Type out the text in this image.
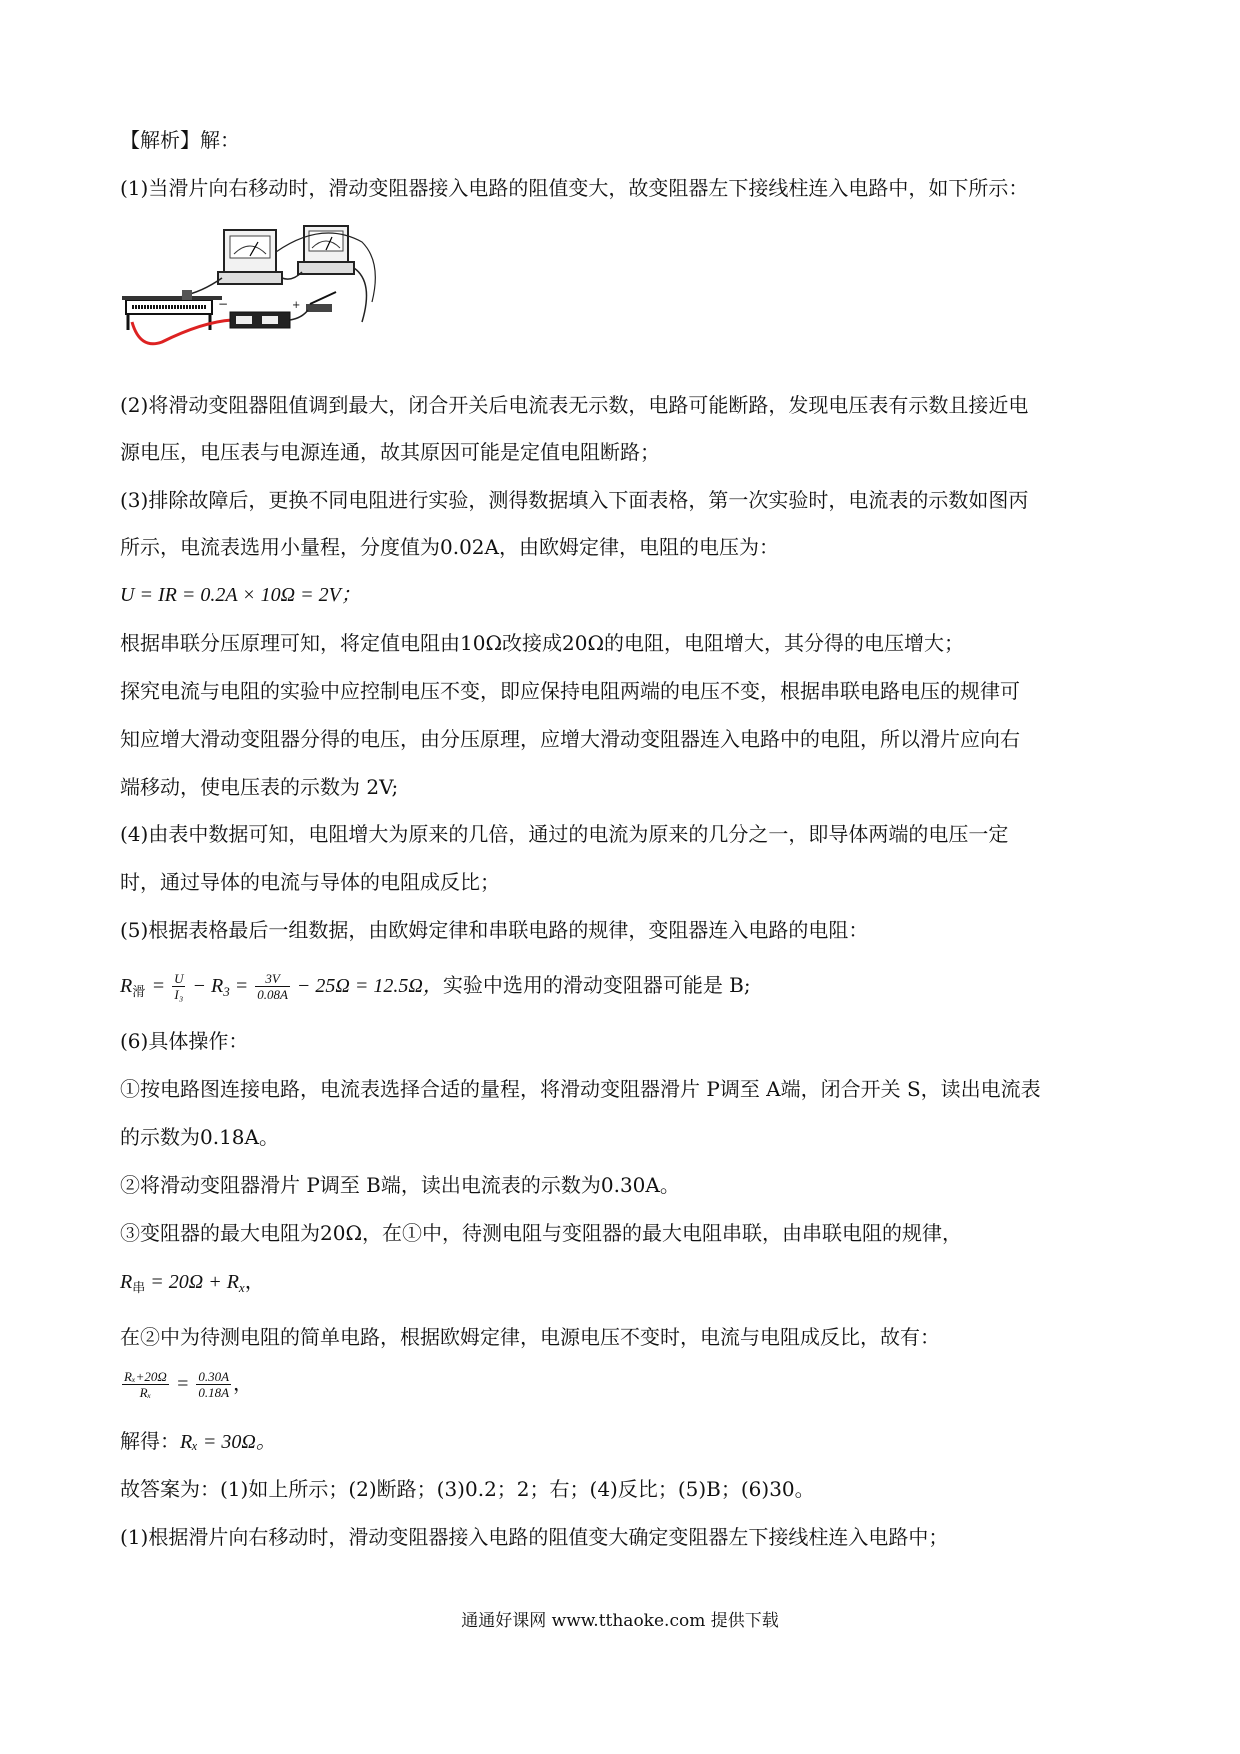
【解析】解：
(1)当滑片向右移动时，滑动变阻器接入电路的阻值变大，故变阻器左下接线柱连入电路中，如下所示：
−	+
(2)将滑动变阻器阻值调到最大，闭合开关后电流表无示数，电路可能断路，发现电压表有示数且接近电
源电压，电压表与电源连通，故其原因可能是定值电阻断路；
(3)排除故障后，更换不同电阻进行实验，测得数据填入下面表格，第一次实验时，电流表的示数如图丙
所示，电流表选用小量程，分度值为0.02A，由欧姆定律，电阻的电压为：
U = IR = 0.2A × 10Ω = 2V；
根据串联分压原理可知，将定值电阻由10Ω改接成20Ω的电阻，电阻增大，其分得的电压增大；
探究电流与电阻的实验中应控制电压不变，即应保持电阻两端的电压不变，根据串联电路电压的规律可
知应增大滑动变阻器分得的电压，由分压原理，应增大滑动变阻器连入电路中的电阻，所以滑片应向右
端移动，使电压表的示数为 2V;
(4)由表中数据可知，电阻增大为原来的几倍，通过的电流为原来的几分之一，即导体两端的电压一定
时，通过导体的电流与导体的电阻成反比；
(5)根据表格最后一组数据，由欧姆定律和串联电路的规律，变阻器连入电路的电阻：
$R_滑 = \frac{U}{\text{I₃}} - R_3 = \frac{3V}{0.08A} - 25\Omega = 12.5\Omega$，实验中选用的滑动变阻器可能是 B;
(6)具体操作：
①按电路图连接电路，电流表选择合适的量程，将滑动变阻器滑片 P调至 A端，闭合开关 S，读出电流表
的示数为0.18A。
②将滑动变阻器滑片 P调至 B端，读出电流表的示数为0.30A。
③变阻器的最大电阻为20Ω，在①中，待测电阻与变阻器的最大电阻串联，由串联电阻的规律，
$R_串 = 20\Omega + R_x$，
在②中为待测电阻的简单电路，根据欧姆定律，电源电压不变时，电流与电阻成反比，故有：
$\frac{\text{Rₓ+20Ω}}{\text{Rₓ}} = \frac{0.30A}{0.18A}$ ，
解得：Rₓ = 30Ω。
故答案为：(1)如上所示；(2)断路；(3)0.2；2；右；(4)反比；(5)B；(6)30。
(1)根据滑片向右移动时，滑动变阻器接入电路的阻值变大确定变阻器左下接线柱连入电路中；
通通好课网 www.tthaoke.com 提供下载
